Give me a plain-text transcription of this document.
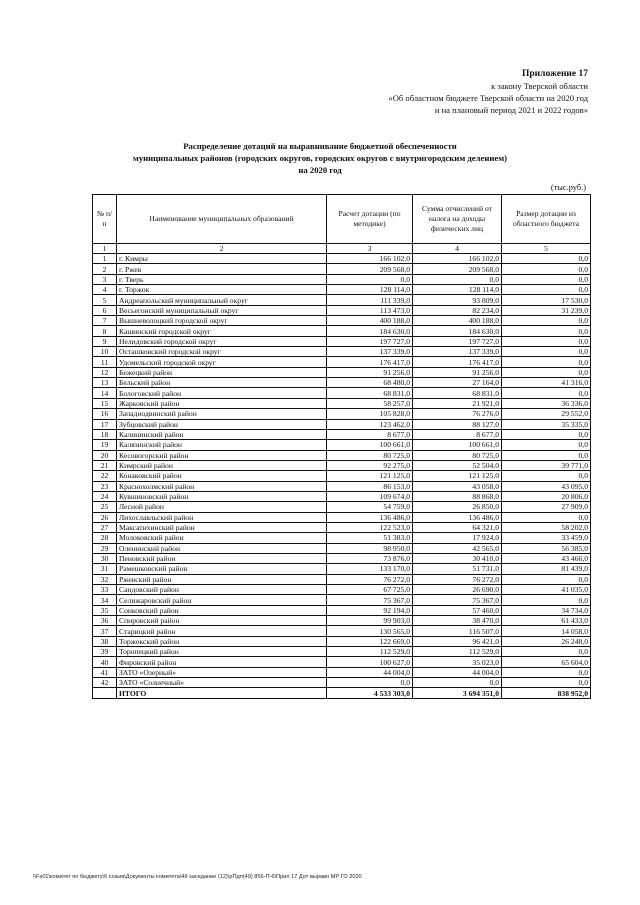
Приложение 17
к закону Тверской области
«Об областном бюджете Тверской области на 2020 год
и на плановый период 2021 и 2022 годов»
Распределение дотаций на выравнивание бюджетной обеспеченности
муниципальных районов (городских округов, городских округов с внутригородским делением)
на 2020 год
(тыс.руб.)
№ п/п	Наименование муниципальных образований	Расчет дотации (по методике)	Сумма отчислений от налога на доходы физических лиц	Размер дотации из областного бюджета
1	2	3	4	5
1	г. Кимры	166 102,0	166 102,0	0,0
2	г. Ржев	209 568,0	209 568,0	0,0
3	г. Тверь	0,0	0,0	0,0
4	г. Торжок	128 114,0	128 114,0	0,0
5	Андреапольский муниципальный округ	111 339,0	93 809,0	17 530,0
6	Весьегонский муниципальный округ	113 473,0	82 234,0	31 239,0
7	Вышневолоцкий городской округ	400 188,0	400 188,0	0,0
8	Кашинский городской округ	184 630,0	184 630,0	0,0
9	Нелидовский городской округ	197 727,0	197 727,0	0,0
10	Осташковский городской округ	137 339,0	137 339,0	0,0
11	Удомельский городской округ	176 417,0	176 417,0	0,0
12	Бежецкий район	91 256,0	91 256,0	0,0
13	Бельский район	68 480,0	27 164,0	41 316,0
14	Бологовский район	68 831,0	68 831,0	0,0
15	Жарковский район	58 257,0	21 921,0	36 336,0
16	Западнодвинский район	105 828,0	76 276,0	29 552,0
17	Зубцовский район	123 462,0	88 127,0	35 335,0
18	Калининский район	8 677,0	8 677,0	0,0
19	Калязинский район	100 661,0	100 661,0	0,0
20	Кесовогорский район	80 725,0	80 725,0	0,0
21	Кимрский район	92 275,0	52 504,0	39 771,0
22	Конаковский район	121 125,0	121 125,0	0,0
23	Краснохолмский район	86 153,0	43 058,0	43 095,0
24	Кувшиновский район	109 674,0	88 868,0	20 806,0
25	Лесной район	54 759,0	26 850,0	27 909,0
26	Лихославльский район	136 486,0	136 486,0	0,0
27	Максатихинский район	122 523,0	64 321,0	58 202,0
28	Молоковский район	51 383,0	17 924,0	33 459,0
29	Оленинский район	98 950,0	42 565,0	56 385,0
30	Пеновский район	73 876,0	30 410,0	43 466,0
31	Рамешковский район	133 170,0	51 731,0	81 439,0
32	Ржевский район	76 272,0	76 272,0	0,0
33	Сандовский район	67 725,0	26 690,0	41 035,0
34	Селижаровский район	75 367,0	75 367,0	0,0
35	Сонковский район	92 194,0	57 460,0	34 734,0
36	Спировский район	99 903,0	38 470,0	61 433,0
37	Старицкий район	130 565,0	116 507,0	14 058,0
38	Торжокский район	122 669,0	96 421,0	26 248,0
39	Торопецкий район	112 529,0	112 529,0	0,0
40	Фировский район	100 627,0	35 023,0	65 604,0
41	ЗАТО «Озерный»	44 004,0	44 004,0	0,0
42	ЗАТО «Солнечный»	0,0	0,0	0,0
	ИТОГО	4 533 303,0	3 694 351,0	838 952,0
\\Fs01\комитет по бюджету\6 созыв\Документы комитета\49 заседание (12)\рПдп(49) 856-П-6\Прил 17 Дот выравн МР ГО 2020
